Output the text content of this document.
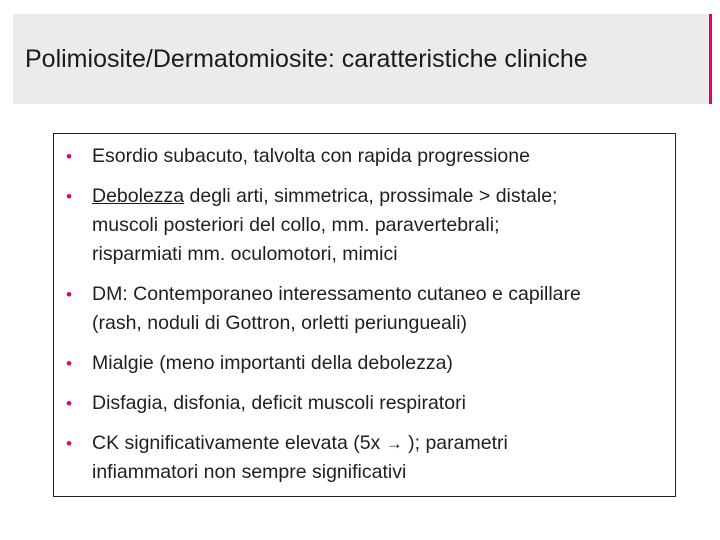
Polimiosite/Dermatomiosite: caratteristiche cliniche
•	Esordio subacuto, talvolta con rapida progressione
•	Debolezza degli arti, simmetrica, prossimale > distale;
muscoli posteriori del collo, mm. paravertebrali;
risparmiati mm. oculomotori, mimici
•	DM: Contemporaneo interessamento cutaneo e capillare
(rash, noduli di Gottron, orletti periungueali)
•	Mialgie (meno importanti della debolezza)
•	Disfagia, disfonia, deficit muscoli respiratori
•	CK significativamente elevata (5x → ); parametri
infiammatori non sempre significativi
